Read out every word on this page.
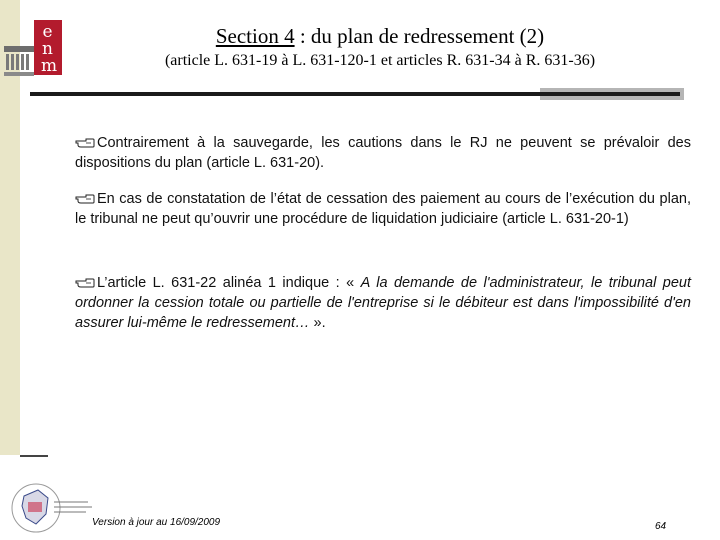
enm
Section 4 : du plan de redressement (2)
(article L. 631-19 à L. 631-120-1 et articles R. 631-34 à R. 631-36)
Contrairement à la sauvegarde, les cautions dans le RJ ne peuvent se prévaloir des dispositions du plan (article L. 631-20).
En cas de constatation de l’état de cessation des paiement au cours de l’exécution du plan, le tribunal ne peut qu’ouvrir une procédure de liquidation judiciaire (article L. 631-20-1)
L’article L. 631-22 alinéa 1 indique : « A la demande de l'administrateur, le tribunal peut ordonner la cession totale ou partielle de l'entreprise si le débiteur est dans l'impossibilité d'en assurer lui-même le redressement… ».
Version à jour au 16/09/2009	64
